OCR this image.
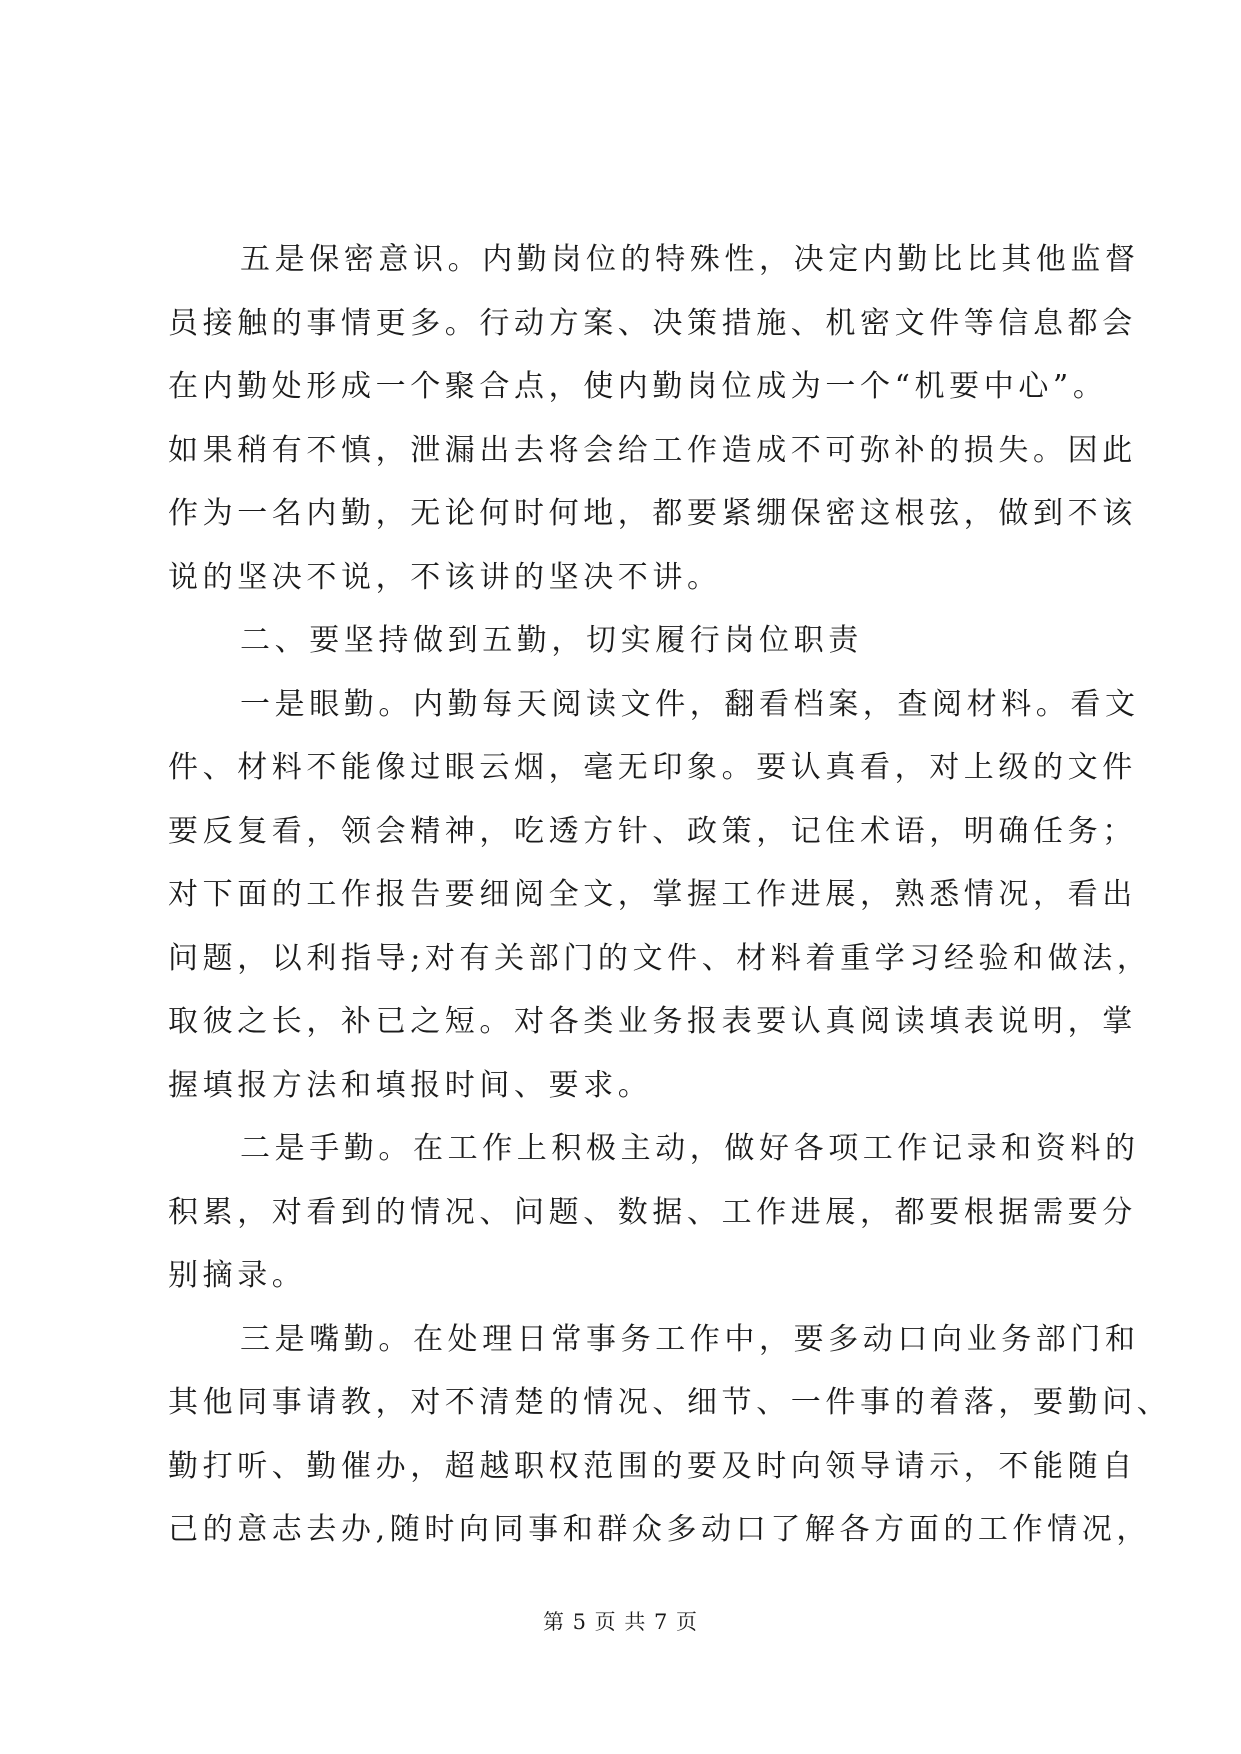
五是保密意识。内勤岗位的特殊性，决定内勤比比其他监督
员接触的事情更多。行动方案、决策措施、机密文件等信息都会
在内勤处形成一个聚合点，使内勤岗位成为一个“机要中心”。
如果稍有不慎，泄漏出去将会给工作造成不可弥补的损失。因此
作为一名内勤，无论何时何地，都要紧绷保密这根弦，做到不该
说的坚决不说，不该讲的坚决不讲。
二、要坚持做到五勤，切实履行岗位职责
一是眼勤。内勤每天阅读文件，翻看档案，查阅材料。看文
件、材料不能像过眼云烟，毫无印象。要认真看，对上级的文件
要反复看，领会精神，吃透方针、政策，记住术语，明确任务；
对下面的工作报告要细阅全文，掌握工作进展，熟悉情况，看出
问题，以利指导;对有关部门的文件、材料着重学习经验和做法，
取彼之长，补已之短。对各类业务报表要认真阅读填表说明，掌
握填报方法和填报时间、要求。
二是手勤。在工作上积极主动，做好各项工作记录和资料的
积累，对看到的情况、问题、数据、工作进展，都要根据需要分
别摘录。
三是嘴勤。在处理日常事务工作中，要多动口向业务部门和
其他同事请教，对不清楚的情况、细节、一件事的着落，要勤问、
勤打听、勤催办，超越职权范围的要及时向领导请示，不能随自
己的意志去办,随时向同事和群众多动口了解各方面的工作情况，
第 5 页 共 7 页
